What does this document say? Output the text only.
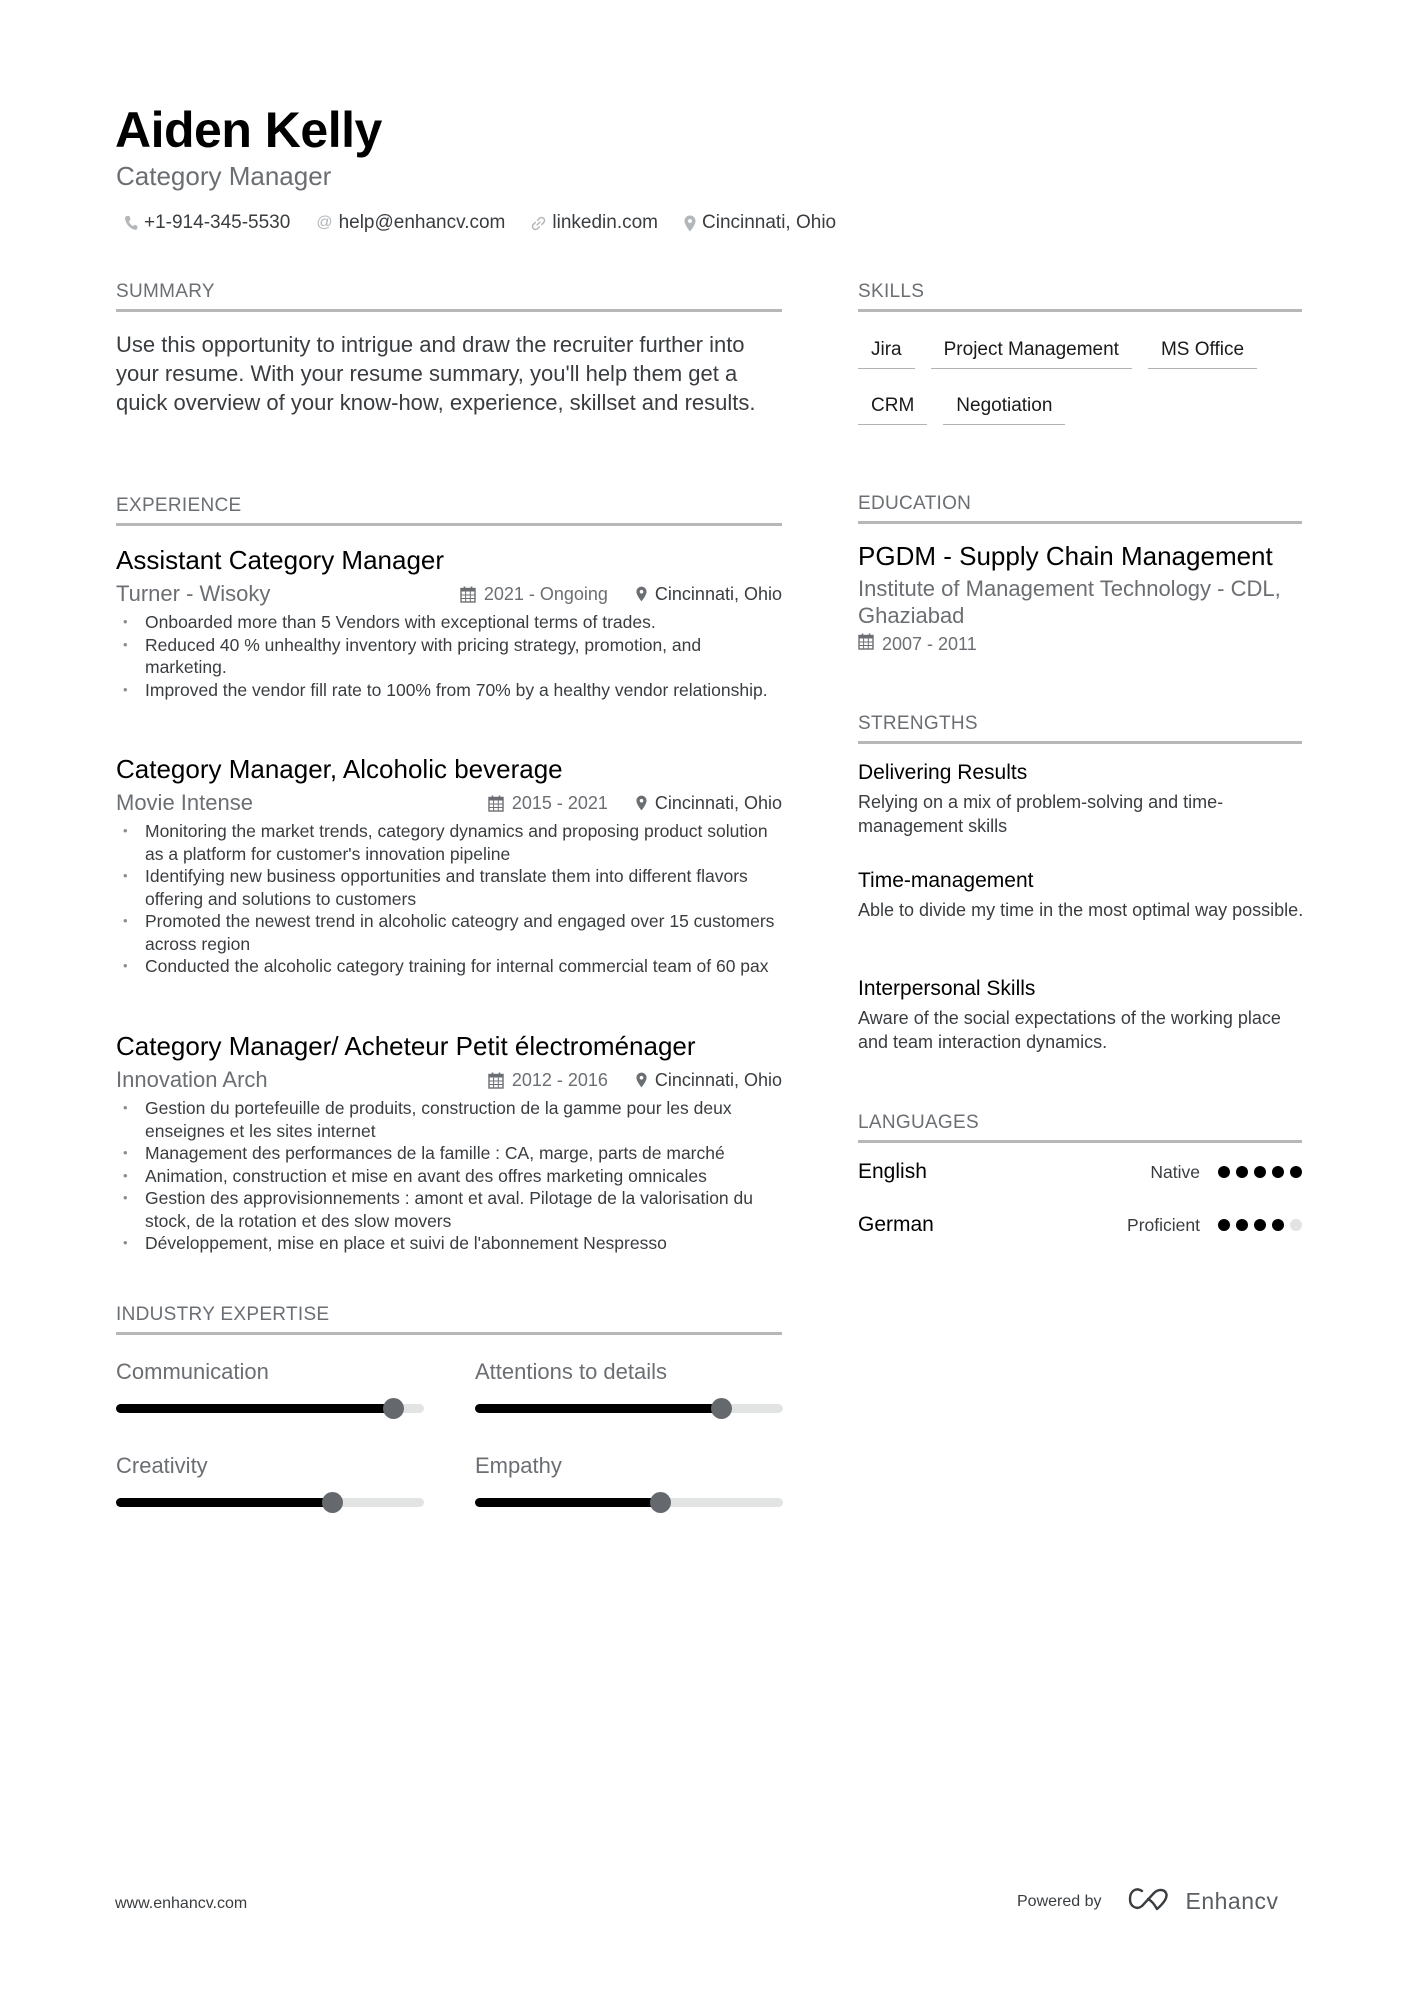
Aiden Kelly
Category Manager
+1-914-345-5530 @ help@enhancv.com linkedin.com Cincinnati, Ohio
SUMMARY
Use this opportunity to intrigue and draw the recruiter further into your resume. With your resume summary, you'll help them get a quick overview of your know-how, experience, skillset and results.
EXPERIENCE
Assistant Category Manager
Turner - Wisoky	2021 - Ongoing	Cincinnati, Ohio
• Onboarded more than 5 Vendors with exceptional terms of trades.
• Reduced 40 % unhealthy inventory with pricing strategy, promotion, and marketing.
• Improved the vendor fill rate to 100% from 70% by a healthy vendor relationship.
Category Manager, Alcoholic beverage
Movie Intense	2015 - 2021	Cincinnati, Ohio
• Monitoring the market trends, category dynamics and proposing product solution as a platform for customer's innovation pipeline
• Identifying new business opportunities and translate them into different flavors offering and solutions to customers
• Promoted the newest trend in alcoholic cateogry and engaged over 15 customers across region
• Conducted the alcoholic category training for internal commercial team of 60 pax
Category Manager/ Acheteur Petit électroménager
Innovation Arch	2012 - 2016	Cincinnati, Ohio
• Gestion du portefeuille de produits, construction de la gamme pour les deux enseignes et les sites internet
• Management des performances de la famille : CA, marge, parts de marché
• Animation, construction et mise en avant des offres marketing omnicales
• Gestion des approvisionnements : amont et aval. Pilotage de la valorisation du stock, de la rotation et des slow movers
• Développement, mise en place et suivi de l'abonnement Nespresso
INDUSTRY EXPERTISE
Communication	Attentions to details
Creativity	Empathy
SKILLS
Jira	Project Management	MS Office
CRM	Negotiation
EDUCATION
PGDM - Supply Chain Management
Institute of Management Technology - CDL, Ghaziabad
2007 - 2011
STRENGTHS
Delivering Results
Relying on a mix of problem-solving and time-management skills
Time-management
Able to divide my time in the most optimal way possible.
Interpersonal Skills
Aware of the social expectations of the working place and team interaction dynamics.
LANGUAGES
English	Native
German	Proficient
www.enhancv.com	Powered by	Enhancv
